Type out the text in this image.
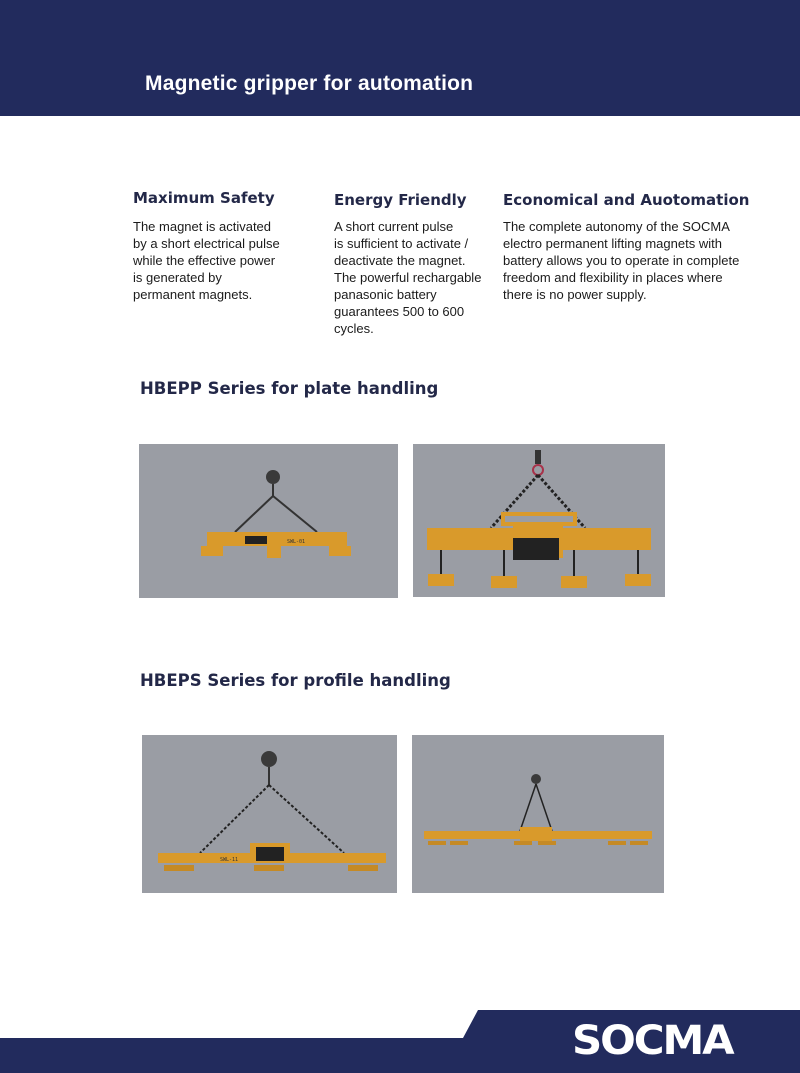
Magnetic gripper for automation
Maximum Safety

The magnet is activated
by a short electrical pulse
while the effective power
is generated by
permanent magnets.

Energy Friendly

A short current pulse
is sufficient to activate /
deactivate the magnet.
The powerful rechargable
panasonic battery
guarantees 500 to 600
cycles.

Economical and Auotomation

The complete autonomy of the SOCMA
electro permanent lifting magnets with
battery allows you to operate in complete
freedom and flexibility in places where
there is no power supply.

HBEPP Series for plate handling
SWL-01
HBEPS Series for profile handling
SWL-11
SOCMA
